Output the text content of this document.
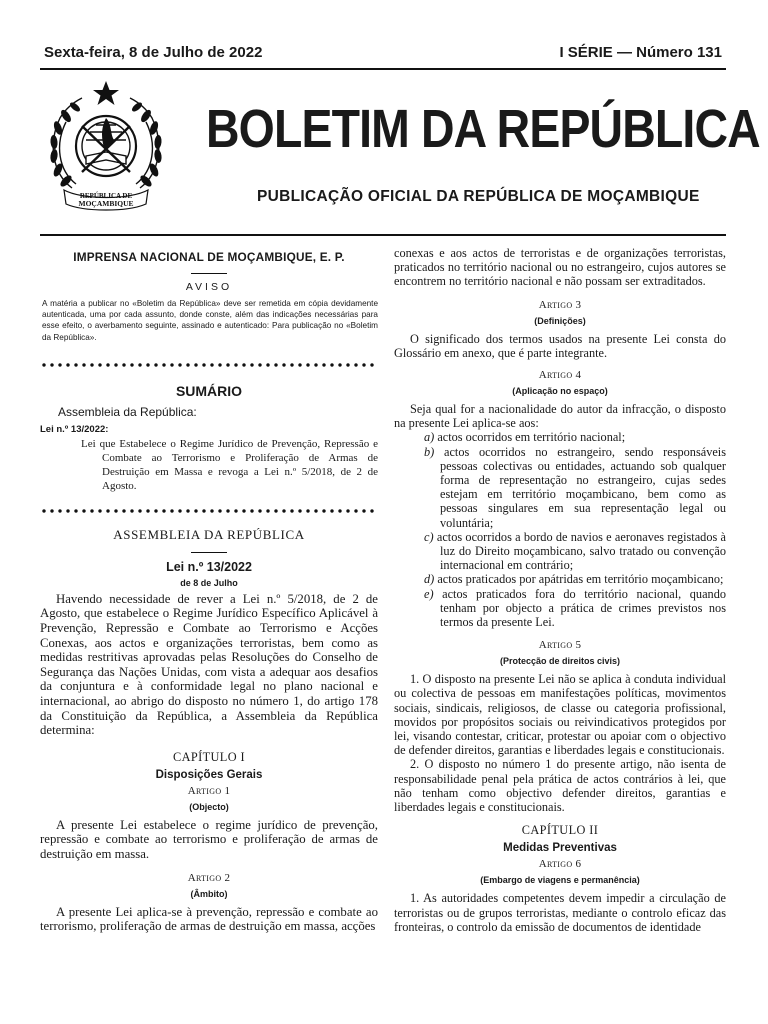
Sexta-feira, 8 de Julho de 2022	I SÉRIE — Número 131
REPÚBLICA DE
MOÇAMBIQUE
BOLETIM DA REPÚBLICA
PUBLICAÇÃO OFICIAL DA REPÚBLICA DE MOÇAMBIQUE
IMPRENSA NACIONAL DE MOÇAMBIQUE, E. P.
AVISO
A matéria a publicar no «Boletim da República» deve ser remetida em cópia devidamente autenticada, uma por cada assunto, donde conste, além das indicações necessárias para esse efeito, o averbamento seguinte, assinado e autenticado: Para publicação no «Boletim da República».
SUMÁRIO
Assembleia da República:
Lei n.º 13/2022:
Lei que Estabelece o Regime Jurídico de Prevenção, Repressão e Combate ao Terrorismo e Proliferação de Armas de Destruição em Massa e revoga a Lei n.º 5/2018, de 2 de Agosto.
ASSEMBLEIA DA REPÚBLICA
Lei n.º 13/2022
de 8 de Julho
Havendo necessidade de rever a Lei n.º 5/2018, de 2 de Agosto, que estabelece o Regime Jurídico Específico Aplicável à Prevenção, Repressão e Combate ao Terrorismo e Acções Conexas, aos actos e organizações terroristas, bem como as medidas restritivas aprovadas pelas Resoluções do Conselho de Segurança das Nações Unidas, com vista a adequar aos desafios da conjuntura e à conformidade legal no plano nacional e internacional, ao abrigo do disposto no número 1, do artigo 178 da Constituição da República, a Assembleia da República determina:
CAPÍTULO I
Disposições Gerais
Artigo 1
(Objecto)
A presente Lei estabelece o regime jurídico de prevenção, repressão e combate ao terrorismo e proliferação de armas de destruição em massa.
Artigo 2
(Âmbito)
A presente Lei aplica-se à prevenção, repressão e combate ao terrorismo, proliferação de armas de destruição em massa, acções
conexas e aos actos de terroristas e de organizações terroristas, praticados no território nacional ou no estrangeiro, cujos autores se encontrem no território nacional e não possam ser extraditados.
Artigo 3
(Definições)
O significado dos termos usados na presente Lei consta do Glossário em anexo, que é parte integrante.
Artigo 4
(Aplicação no espaço)
Seja qual for a nacionalidade do autor da infracção, o disposto na presente Lei aplica-se aos:
a) actos ocorridos em território nacional;
b) actos ocorridos no estrangeiro, sendo responsáveis pessoas colectivas ou entidades, actuando sob qualquer forma de representação no estrangeiro, cujas sedes estejam em território moçambicano, bem como as pessoas singulares em sua representação legal ou voluntária;
c) actos ocorridos a bordo de navios e aeronaves registados à luz do Direito moçambicano, salvo tratado ou convenção internacional em contrário;
d) actos praticados por apátridas em território moçambicano;
e) actos praticados fora do território nacional, quando tenham por objecto a prática de crimes previstos nos termos da presente Lei.
Artigo 5
(Protecção de direitos civis)
1. O disposto na presente Lei não se aplica à conduta individual ou colectiva de pessoas em manifestações políticas, movimentos sociais, sindicais, religiosos, de classe ou categoria profissional, movidos por propósitos sociais ou reivindicativos protegidos por lei, visando contestar, criticar, protestar ou apoiar com o objectivo de defender direitos, garantias e liberdades legais e constitucionais.
2. O disposto no número 1 do presente artigo, não isenta de responsabilidade penal pela prática de actos contrários à lei, que não tenham como objectivo defender direitos, garantias e liberdades legais e constitucionais.
CAPÍTULO II
Medidas Preventivas
Artigo 6
(Embargo de viagens e permanência)
1. As autoridades competentes devem impedir a circulação de terroristas ou de grupos terroristas, mediante o controlo eficaz das fronteiras, o controlo da emissão de documentos de identidade
